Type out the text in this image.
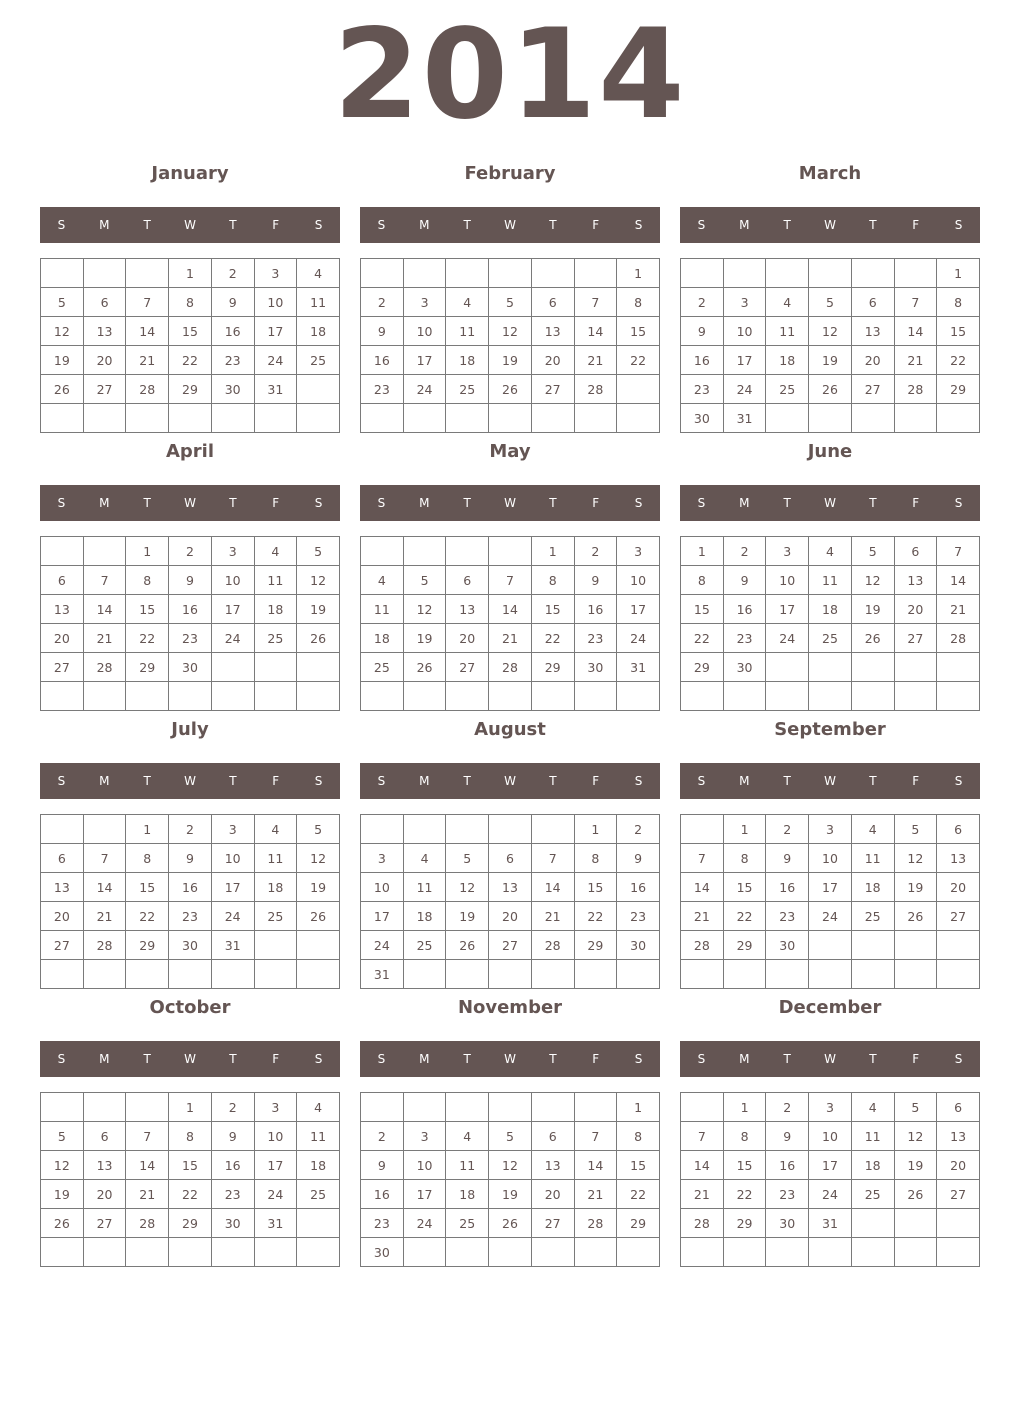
2014
January
S	M	T	W	T	F	S
			1	2	3	4
5	6	7	8	9	10	11
12	13	14	15	16	17	18
19	20	21	22	23	24	25
26	27	28	29	30	31	

February
S	M	T	W	T	F	S
						1
2	3	4	5	6	7	8
9	10	11	12	13	14	15
16	17	18	19	20	21	22
23	24	25	26	27	28	

March
S	M	T	W	T	F	S
						1
2	3	4	5	6	7	8
9	10	11	12	13	14	15
16	17	18	19	20	21	22
23	24	25	26	27	28	29
30	31					
April
S	M	T	W	T	F	S
		1	2	3	4	5
6	7	8	9	10	11	12
13	14	15	16	17	18	19
20	21	22	23	24	25	26
27	28	29	30			

May
S	M	T	W	T	F	S
				1	2	3
4	5	6	7	8	9	10
11	12	13	14	15	16	17
18	19	20	21	22	23	24
25	26	27	28	29	30	31

June
S	M	T	W	T	F	S
1	2	3	4	5	6	7
8	9	10	11	12	13	14
15	16	17	18	19	20	21
22	23	24	25	26	27	28
29	30					

July
S	M	T	W	T	F	S
		1	2	3	4	5
6	7	8	9	10	11	12
13	14	15	16	17	18	19
20	21	22	23	24	25	26
27	28	29	30	31		

August
S	M	T	W	T	F	S
					1	2
3	4	5	6	7	8	9
10	11	12	13	14	15	16
17	18	19	20	21	22	23
24	25	26	27	28	29	30
31						
September
S	M	T	W	T	F	S
	1	2	3	4	5	6
7	8	9	10	11	12	13
14	15	16	17	18	19	20
21	22	23	24	25	26	27
28	29	30				

October
S	M	T	W	T	F	S
			1	2	3	4
5	6	7	8	9	10	11
12	13	14	15	16	17	18
19	20	21	22	23	24	25
26	27	28	29	30	31	

November
S	M	T	W	T	F	S
						1
2	3	4	5	6	7	8
9	10	11	12	13	14	15
16	17	18	19	20	21	22
23	24	25	26	27	28	29
30						
December
S	M	T	W	T	F	S
	1	2	3	4	5	6
7	8	9	10	11	12	13
14	15	16	17	18	19	20
21	22	23	24	25	26	27
28	29	30	31			
